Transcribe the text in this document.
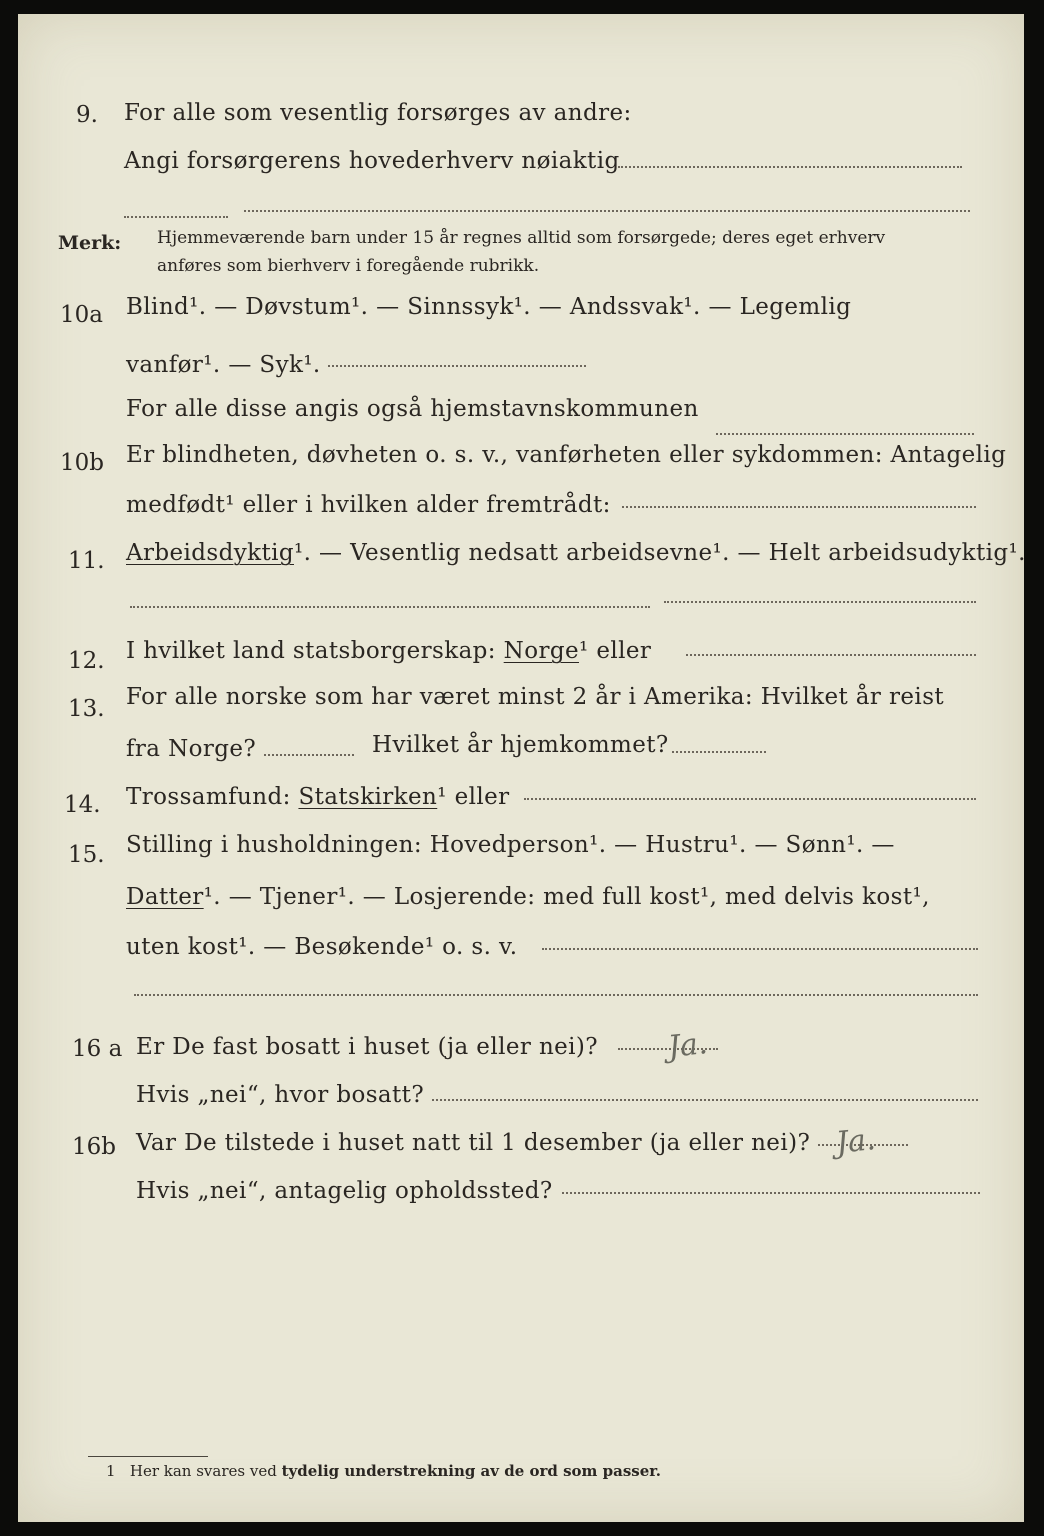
9. For alle som vesentlig forsørges av andre:
Angi forsørgerens hovederhverv nøiaktig
Merk: Hjemmeværende barn under 15 år regnes alltid som forsørgede; deres eget erhverv
anføres som bierhverv i foregående rubrikk.
10a Blind¹. — Døvstum¹. — Sinnssyk¹. — Andssvak¹. — Legemlig
vanfør¹. — Syk¹.
For alle disse angis også hjemstavnskommunen
10b Er blindheten, døvheten o. s. v., vanførheten eller sykdommen: Antagelig
medfødt¹ eller i hvilken alder fremtrådt:
11. Arbeidsdyktig¹. — Vesentlig nedsatt arbeidsevne¹. — Helt arbeidsudyktig¹.
12. I hvilket land statsborgerskap: Norge¹ eller
13. For alle norske som har været minst 2 år i Amerika: Hvilket år reist
fra Norge?	Hvilket år hjemkommet?
14. Trossamfund: Statskirken¹ eller
15. Stilling i husholdningen: Hovedperson¹. — Hustru¹. — Sønn¹. —
Datter¹. — Tjener¹. — Losjerende: med full kost¹, med delvis kost¹,
uten kost¹. — Besøkende¹ o. s. v.
16 a Er De fast bosatt i huset (ja eller nei)? Ja.
Hvis „nei“, hvor bosatt?
16b Var De tilstede i huset natt til 1 desember (ja eller nei)? Ja.
Hvis „nei“, antagelig opholdssted?
1 Her kan svares ved tydelig understrekning av de ord som passer.
